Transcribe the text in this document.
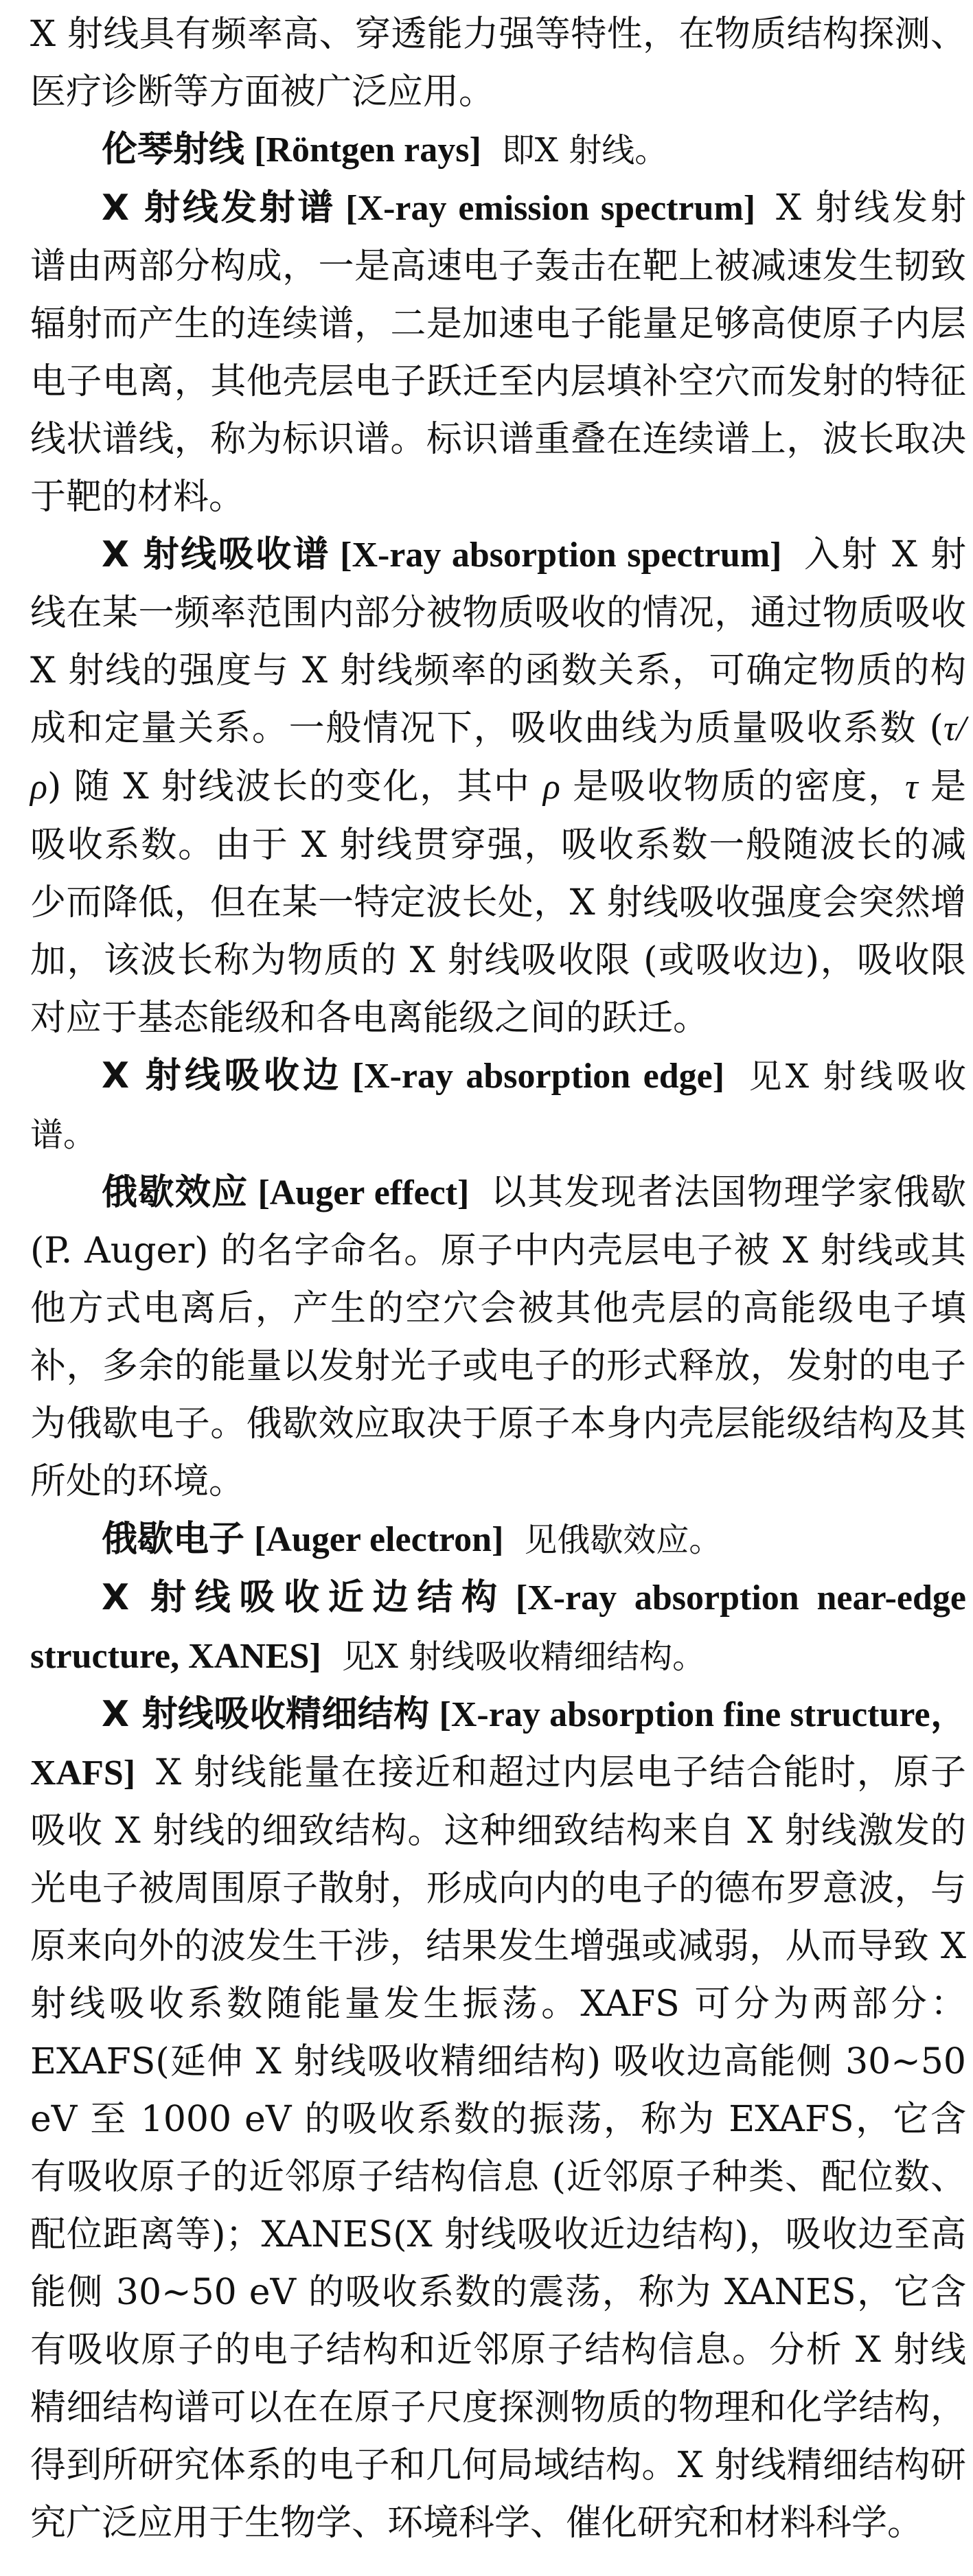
X 射线具有频率高、穿透能力强等特性，在物质结构探测、医疗诊断等方面被广泛应用。

伦琴射线 [Röntgen rays] 即X 射线。

X 射线发射谱 [X-ray emission spectrum] X 射线发射谱由两部分构成，一是高速电子轰击在靶上被减速发生韧致辐射而产生的连续谱，二是加速电子能量足够高使原子内层电子电离，其他壳层电子跃迁至内层填补空穴而发射的特征线状谱线，称为标识谱。标识谱重叠在连续谱上，波长取决于靶的材料。

X 射线吸收谱 [X-ray absorption spectrum] 入射 X 射线在某一频率范围内部分被物质吸收的情况，通过物质吸收 X 射线的强度与 X 射线频率的函数关系，可确定物质的构成和定量关系。一般情况下，吸收曲线为质量吸收系数 (τ/ρ) 随 X 射线波长的变化，其中 ρ 是吸收物质的密度，τ 是吸收系数。由于 X 射线贯穿强，吸收系数一般随波长的减少而降低，但在某一特定波长处，X 射线吸收强度会突然增加，该波长称为物质的 X 射线吸收限 (或吸收边)，吸收限对应于基态能级和各电离能级之间的跃迁。

X 射线吸收边 [X-ray absorption edge] 见X 射线吸收谱。

俄歇效应 [Auger effect] 以其发现者法国物理学家俄歇 (P. Auger) 的名字命名。原子中内壳层电子被 X 射线或其他方式电离后，产生的空穴会被其他壳层的高能级电子填补，多余的能量以发射光子或电子的形式释放，发射的电子为俄歇电子。俄歇效应取决于原子本身内壳层能级结构及其所处的环境。

俄歇电子 [Auger electron] 见俄歇效应。

X 射线吸收近边结构 [X-ray absorption near-edge structure, XANES] 见X 射线吸收精细结构。

X 射线吸收精细结构 [X-ray absorption fine structure，XAFS] X 射线能量在接近和超过内层电子结合能时，原子吸收 X 射线的细致结构。这种细致结构来自 X 射线激发的光电子被周围原子散射，形成向内的电子的德布罗意波，与原来向外的波发生干涉，结果发生增强或减弱，从而导致 X 射线吸收系数随能量发生振荡。XAFS 可分为两部分：EXAFS(延伸 X 射线吸收精细结构) 吸收边高能侧 30∼50 eV 至 1000 eV 的吸收系数的振荡，称为 EXAFS，它含有吸收原子的近邻原子结构信息 (近邻原子种类、配位数、配位距离等)；XANES(X 射线吸收近边结构)，吸收边至高能侧 30∼50 eV 的吸收系数的震荡，称为 XANES，它含有吸收原子的电子结构和近邻原子结构信息。分析 X 射线精细结构谱可以在在原子尺度探测物质的物理和化学结构，得到所研究体系的电子和几何局域结构。X 射线精细结构研究广泛应用于生物学、环境科学、催化研究和材料科学。
